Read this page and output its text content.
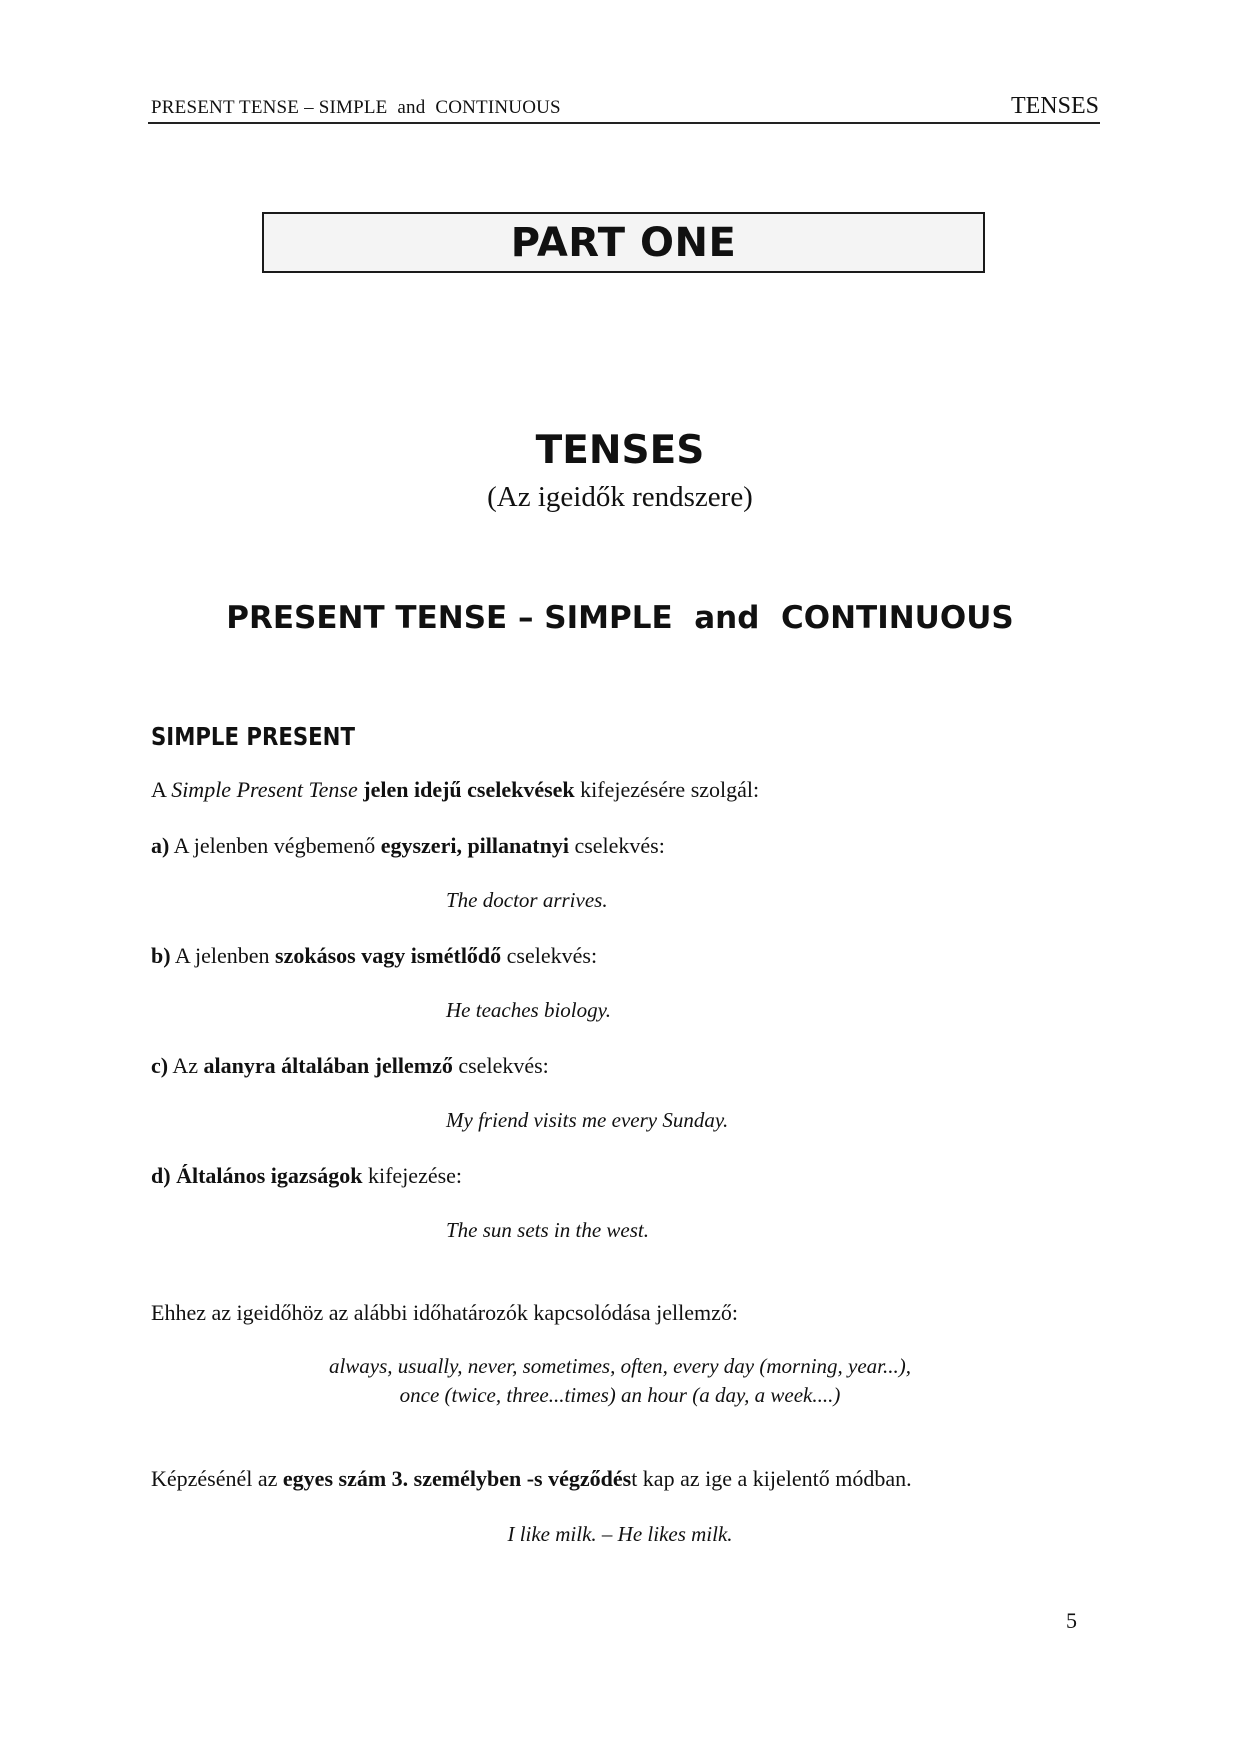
PRESENT TENSE – SIMPLE  and  CONTINUOUS	TENSES
PART ONE
TENSES
(Az igeidők rendszere)
PRESENT TENSE – SIMPLE  and  CONTINUOUS
SIMPLE PRESENT
A Simple Present Tense jelen idejű cselekvések kifejezésére szolgál:
a) A jelenben végbemenő egyszeri, pillanatnyi cselekvés:
The doctor arrives.
b) A jelenben szokásos vagy ismétlődő cselekvés:
He teaches biology.
c) Az alanyra általában jellemző cselekvés:
My friend visits me every Sunday.
d) Általános igazságok kifejezése:
The sun sets in the west.
Ehhez az igeidőhöz az alábbi időhatározók kapcsolódása jellemző:
always, usually, never, sometimes, often, every day (morning, year...),
once (twice, three...times) an hour (a day, a week....)
Képzésénél az egyes szám 3. személyben -s végződést kap az ige a kijelentő módban.
I like milk. – He likes milk.
5
